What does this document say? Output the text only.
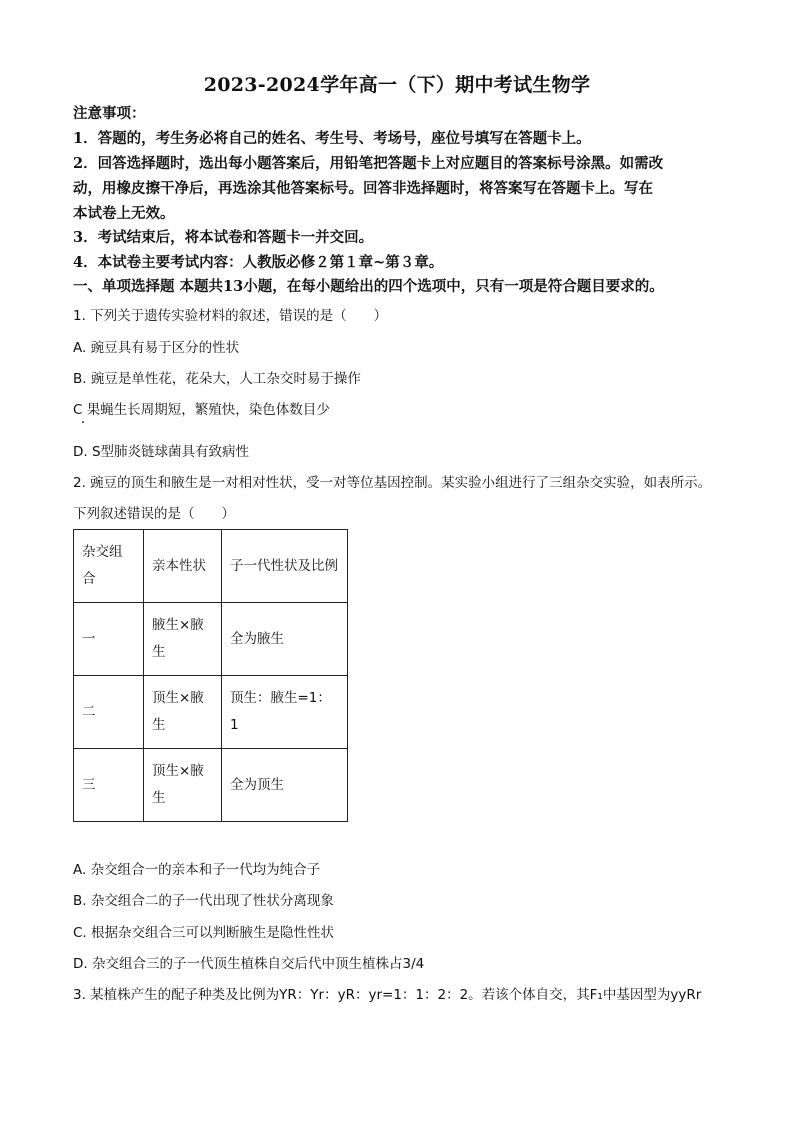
2023-2024学年高一（下）期中考试生物学
注意事项：
1．答题的，考生务必将自己的姓名、考生号、考场号，座位号填写在答题卡上。
2．回答选择题时，选出每小题答案后，用铅笔把答题卡上对应题目的答案标号涂黑。如需改
动，用橡皮擦干净后，再选涂其他答案标号。回答非选择题时，将答案写在答题卡上。写在
本试卷上无效。
3．考试结束后，将本试卷和答题卡一并交回。
4．本试卷主要考试内容：人教版必修２第１章~第３章。
一、单项选择题 本题共13小题，在每小题给出的四个选项中，只有一项是符合题目要求的。
1. 下列关于遗传实验材料的叙述，错误的是（　　）
A. 豌豆具有易于区分的性状
B. 豌豆是单性花，花朵大，人工杂交时易于操作
C 果蝇生长周期短，繁殖快，染色体数目少
D. S型肺炎链球菌具有致病性
2. 豌豆的顶生和腋生是一对相对性状，受一对等位基因控制。某实验小组进行了三组杂交实验，如表所示。
下列叙述错误的是（　　）
杂交组合	亲本性状	子一代性状及比例
一	腋生×腋生	全为腋生
二	顶生×腋生	顶生：腋生=1：1
三	顶生×腋生	全为顶生
A. 杂交组合一的亲本和子一代均为纯合子
B. 杂交组合二的子一代出现了性状分离现象
C. 根据杂交组合三可以判断腋生是隐性性状
D. 杂交组合三的子一代顶生植株自交后代中顶生植株占3/4
3. 某植株产生的配子种类及比例为YR：Yr：yR：yr=1：1：2：2。若该个体自交，其F₁中基因型为yyRr
